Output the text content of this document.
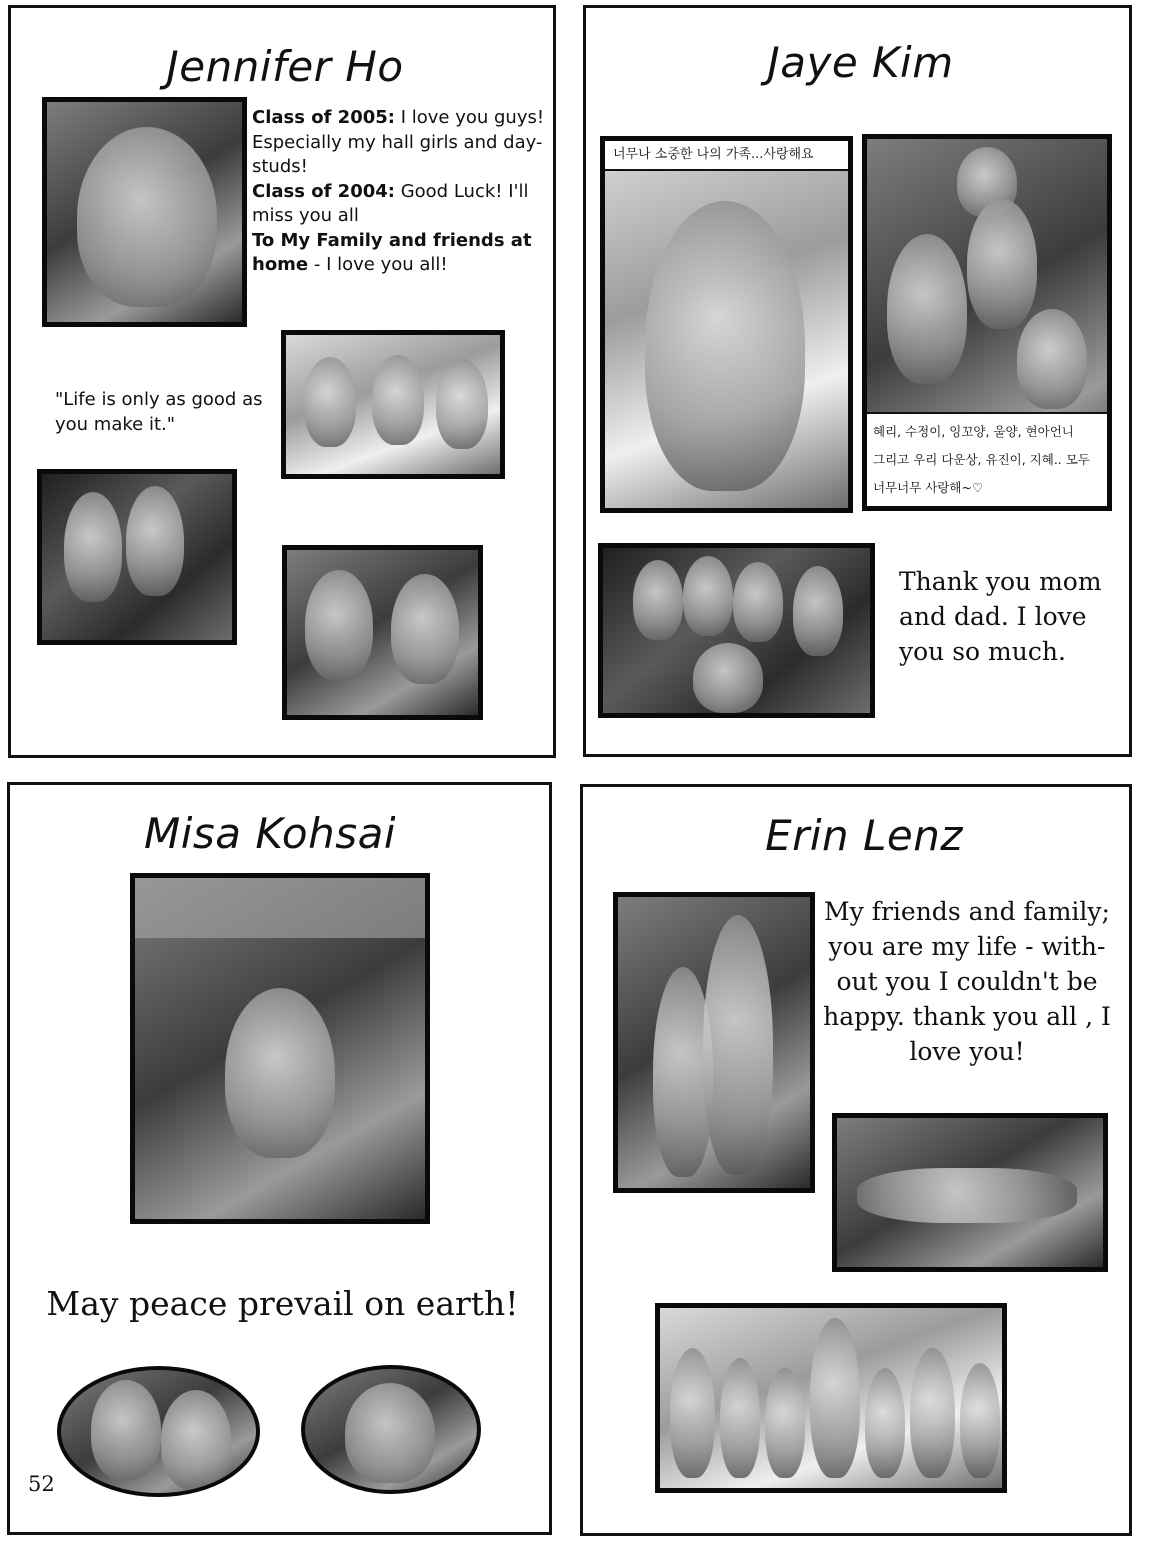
Jennifer Ho
Class of 2005: I love you guys! Especially my hall girls and day-studs!
Class of 2004: Good Luck! I'll miss you all
To My Family and friends at home - I love you all!
"Life is only as good as you make it."
Jaye Kim
너무나 소중한 나의 가족...사랑해요
혜리, 수정이, 잉꼬양, 울양, 현아언니
그리고 우리 다운상, 유진이, 지혜.. 모두
너무너무 사랑해~♡
Thank you mom and dad. I love you so much.
Misa Kohsai
May peace prevail on earth!
52
Erin Lenz
My friends and family; you are my life - with-out you I couldn't be happy. thank you all , I love you!
